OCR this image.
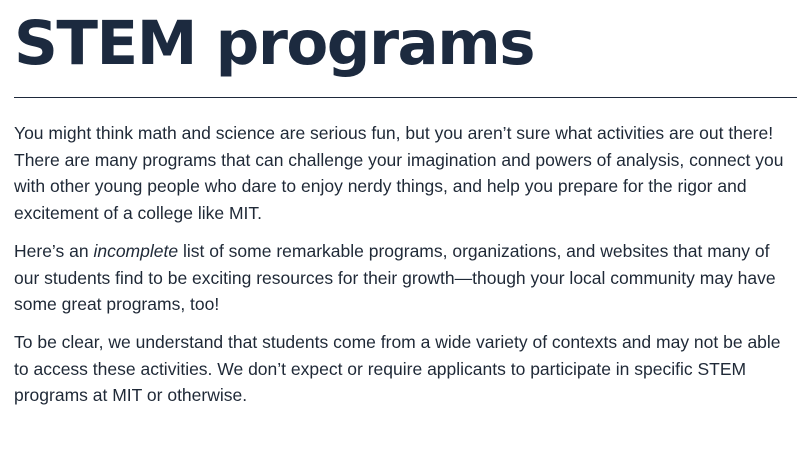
STEM programs

You might think math and science are serious fun, but you aren’t sure what activities are out there! There are many programs that can challenge your imagination and powers of analysis, connect you with other young people who dare to enjoy nerdy things, and help you prepare for the rigor and excitement of a college like MIT.

Here’s an incomplete list of some remarkable programs, organizations, and websites that many of our students find to be exciting resources for their growth—though your local community may have some great programs, too!

To be clear, we understand that students come from a wide variety of contexts and may not be able to access these activities. We don’t expect or require applicants to participate in specific STEM programs at MIT or otherwise.
